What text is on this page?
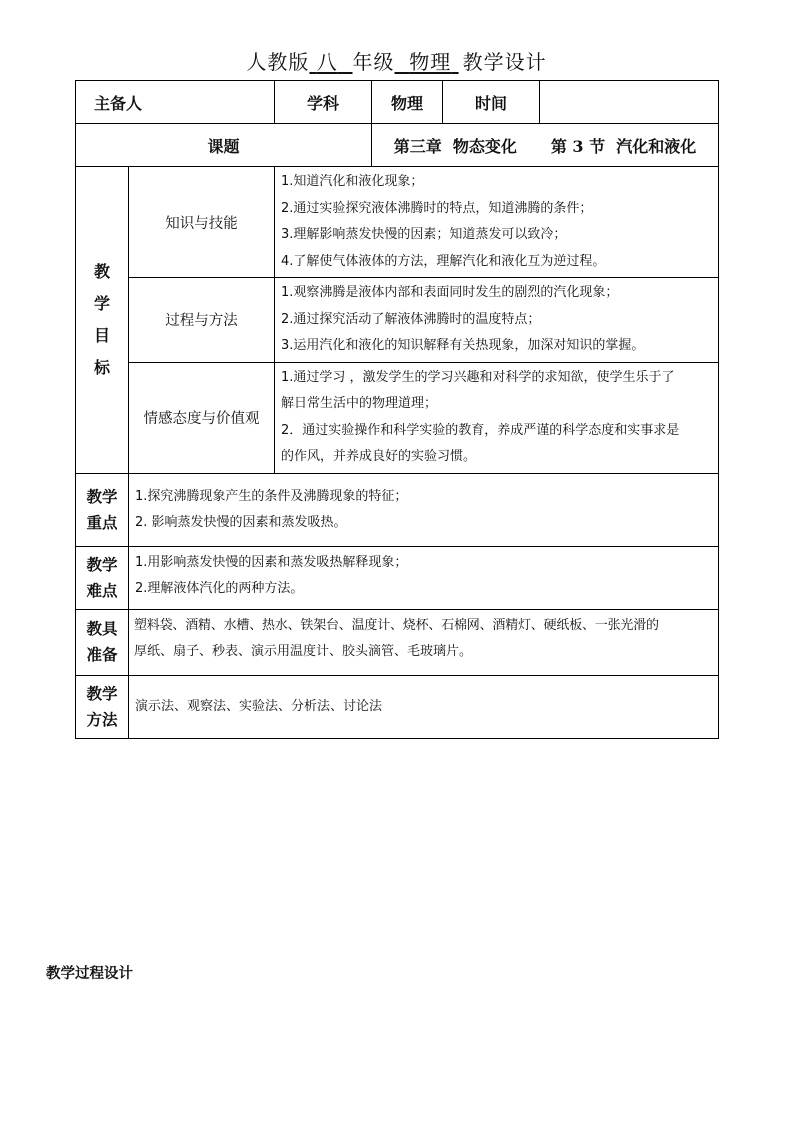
人教版 八 年级 物理 教学设计
主备人		学科	物理	时间	
课题			第三章  物态变化 第 3 节  汽化和液化		

教
学
目
标	知识与技能	1.知道汽化和液化现象；
2.通过实验探究液体沸腾时的特点，知道沸腾的条件；
3.理解影响蒸发快慢的因素；知道蒸发可以致冷；
4.了解使气体液体的方法，理解汽化和液化互为逆过程。			

	过程与方法	1.观察沸腾是液体内部和表面同时发生的剧烈的汽化现象；
2.通过探究活动了解液体沸腾时的温度特点；
3.运用汽化和液化的知识解释有关热现象，加深对知识的掌握。			

	情感态度与价值观	1.通过学习 ，激发学生的学习兴趣和对科学的求知欲，使学生乐于了
解日常生活中的物理道理；
2．通过实验操作和科学实验的教育，养成严谨的科学态度和实事求是
的作风，并养成良好的实验习惯。			

教学
重点	1.探究沸腾现象产生的条件及沸腾现象的特征；
2. 影响蒸发快慢的因素和蒸发吸热。				

教学
难点	1.用影响蒸发快慢的因素和蒸发吸热解释现象；
2.理解液体汽化的两种方法。				

教具
准备	塑料袋、酒精、水槽、热水、铁架台、温度计、烧杯、石棉网、酒精灯、硬纸板、一张光滑的
厚纸、扇子、秒表、演示用温度计、胶头滴管、毛玻璃片。				

教学
方法	演示法、观察法、实验法、分析法、讨论法				
教学过程设计
